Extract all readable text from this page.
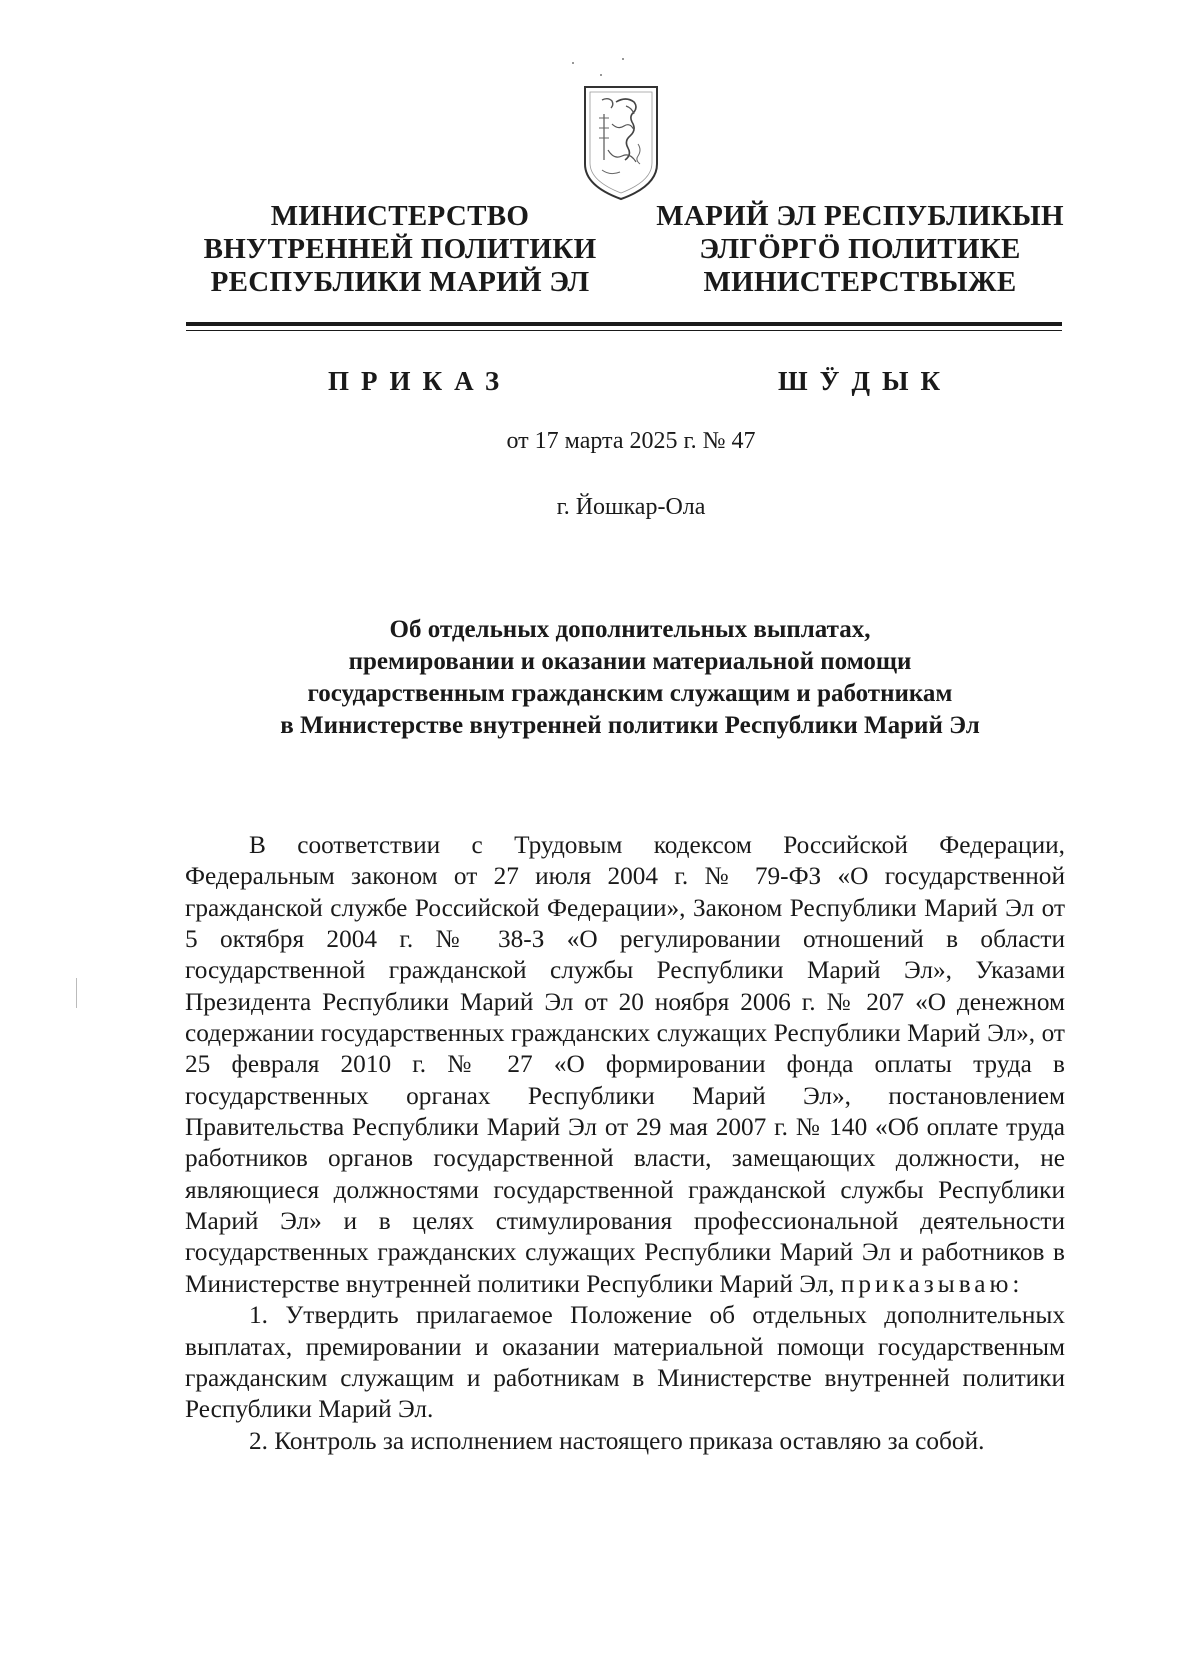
МИНИСТЕРСТВО
ВНУТРЕННЕЙ ПОЛИТИКИ
РЕСПУБЛИКИ МАРИЙ ЭЛ
МАРИЙ ЭЛ РЕСПУБЛИКЫН
ЭЛГӦРГӦ ПОЛИТИКЕ
МИНИСТЕРСТВЫЖЕ
ПРИКАЗ	ШӰДЫК
от 17 марта 2025 г. № 47
г. Йошкар-Ола
Об отдельных дополнительных выплатах,
премировании и оказании материальной помощи
государственным гражданским служащим и работникам
в Министерстве внутренней политики Республики Марий Эл

В соответствии с Трудовым кодексом Российской Федерации, Федеральным законом от 27 июля 2004 г. № 79-ФЗ «О государственной гражданской службе Российской Федерации», Законом Республики Марий Эл от 5 октября 2004 г. № 38-З «О регулировании отношений в области государственной гражданской службы Республики Марий Эл», Указами Президента Республики Марий Эл от 20 ноября 2006 г. № 207 «О денежном содержании государственных гражданских служащих Республики Марий Эл», от 25 февраля 2010 г. № 27 «О формировании фонда оплаты труда в государственных органах Республики Марий Эл», постановлением Правительства Республики Марий Эл от 29 мая 2007 г. № 140 «Об оплате труда работников органов государственной власти, замещающих должности, не являющиеся должностями государственной гражданской службы Республики Марий Эл» и в целях стимулирования профессиональной деятельности государственных гражданских служащих Республики Марий Эл и работников в Министерстве внутренней политики Республики Марий Эл, приказываю:

1. Утвердить прилагаемое Положение об отдельных дополнительных выплатах, премировании и оказании материальной помощи государственным гражданским служащим и работникам в Министерстве внутренней политики Республики Марий Эл.

2. Контроль за исполнением настоящего приказа оставляю за собой.
